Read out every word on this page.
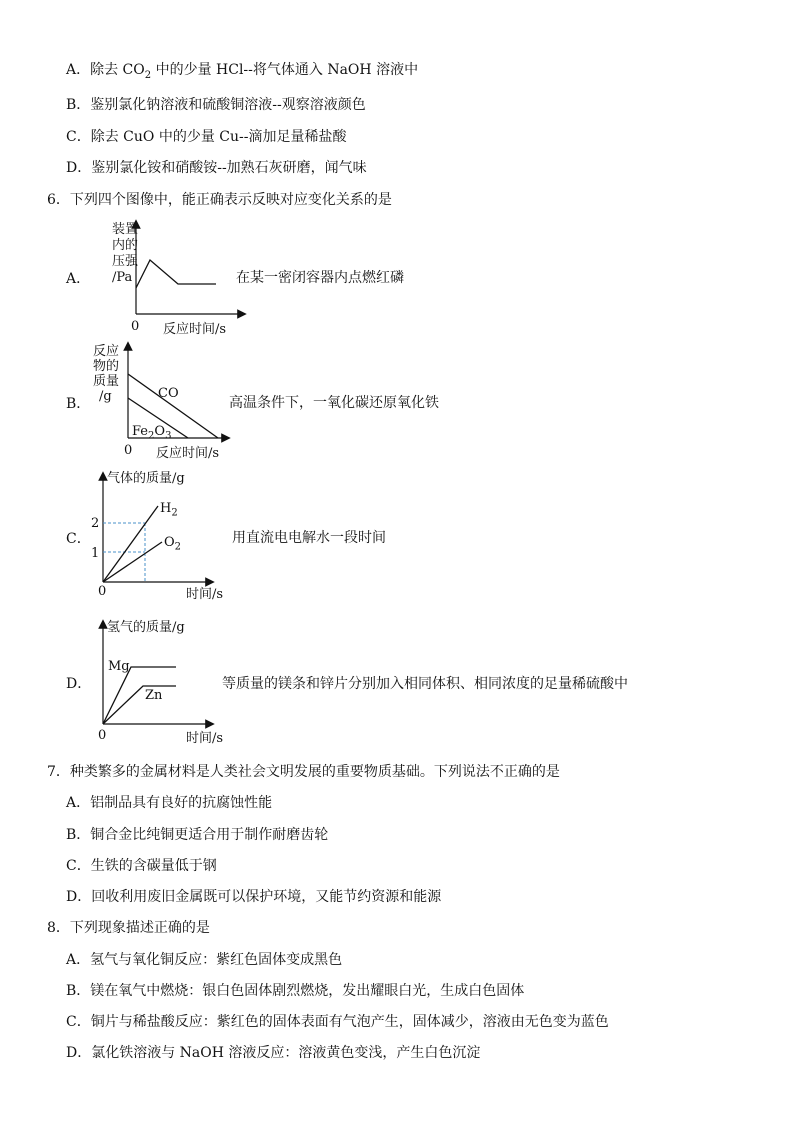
A．除去 $CO_2$ 中的少量 HCl--将气体通入 NaOH 溶液中
B．鉴别氯化钠溶液和硫酸铜溶液--观察溶液颜色
C．除去 CuO 中的少量 Cu--滴加足量稀盐酸
D．鉴别氯化铵和硝酸铵--加熟石灰研磨，闻气味
6．下列四个图像中，能正确表示反映对应变化关系的是
A．
装置
内的
压强
/Pa
0 反应时间/s
在某一密闭容器内点燃红磷
B．
反应
物的
质量
/g	CO
$Fe_2O_3$
0 反应时间/s
高温条件下，一氧化碳还原氧化铁
C．
气体的质量/g
2
1
$H_2$
$O_2$
0	时间/s
用直流电电解水一段时间
D．
氢气的质量/g
Mg
Zn
0	时间/s
等质量的镁条和锌片分别加入相同体积、相同浓度的足量稀硫酸中
7．种类繁多的金属材料是人类社会文明发展的重要物质基础。下列说法不正确的是
A．铝制品具有良好的抗腐蚀性能
B．铜合金比纯铜更适合用于制作耐磨齿轮
C．生铁的含碳量低于钢
D．回收利用废旧金属既可以保护环境，又能节约资源和能源
8．下列现象描述正确的是
A．氢气与氧化铜反应：紫红色固体变成黑色
B．镁在氧气中燃烧：银白色固体剧烈燃烧，发出耀眼白光，生成白色固体
C．铜片与稀盐酸反应：紫红色的固体表面有气泡产生，固体减少，溶液由无色变为蓝色
D．氯化铁溶液与 NaOH 溶液反应：溶液黄色变浅，产生白色沉淀
